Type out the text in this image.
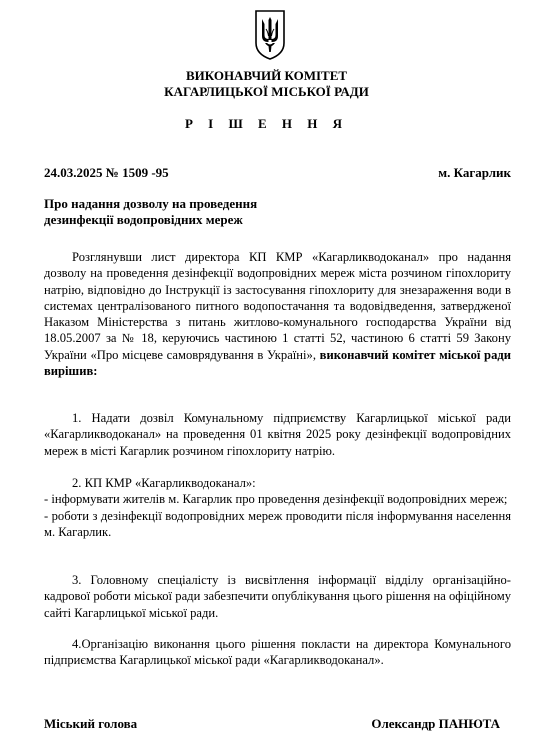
ВИКОНАВЧИЙ КОМІТЕТ
КАГАРЛИЦЬКОЇ МІСЬКОЇ РАДИ
Р І Ш Е Н Н Я
24.03.2025 № 1509 -95	м. Кагарлик
Про надання дозволу на проведення
дезинфекції водопровідних мереж
Розглянувши лист директора КП КМР «Кагарликводоканал» про надання дозволу на проведення дезінфекції водопровідних мереж міста розчином гіпохлориту натрію, відповідно до Інструкції із застосування гіпохлориту для знезараження води в системах централізованого питного водопостачання та водовідведення, затвердженої Наказом Міністерства з питань житлово-комунального господарства України від 18.05.2007 за № 18, керуючись частиною 1 статті 52, частиною 6 статті 59 Закону України «Про місцеве самоврядування в Україні», виконавчий комітет міської ради вирішив:
1. Надати дозвіл Комунальному підприємству Кагарлицької міської ради «Кагарликводоканал» на проведення 01 квітня 2025 року дезінфекції водопровідних мереж в місті Кагарлик розчином гіпохлориту натрію.
2. КП КМР «Кагарликводоканал»:
- інформувати жителів м. Кагарлик про проведення дезінфекції водопровідних мереж;
- роботи з дезінфекції водопровідних мереж проводити після інформування населення м. Кагарлик.
3. Головному спеціалісту із висвітлення інформації відділу організаційно-кадрової роботи міської ради забезпечити опублікування цього рішення на офіційному сайті Кагарлицької міської ради.
4.Організацію виконання цього рішення покласти на директора Комунального підприємства Кагарлицької міської ради «Кагарликводоканал».
Міський голова	Олександр ПАНЮТА
